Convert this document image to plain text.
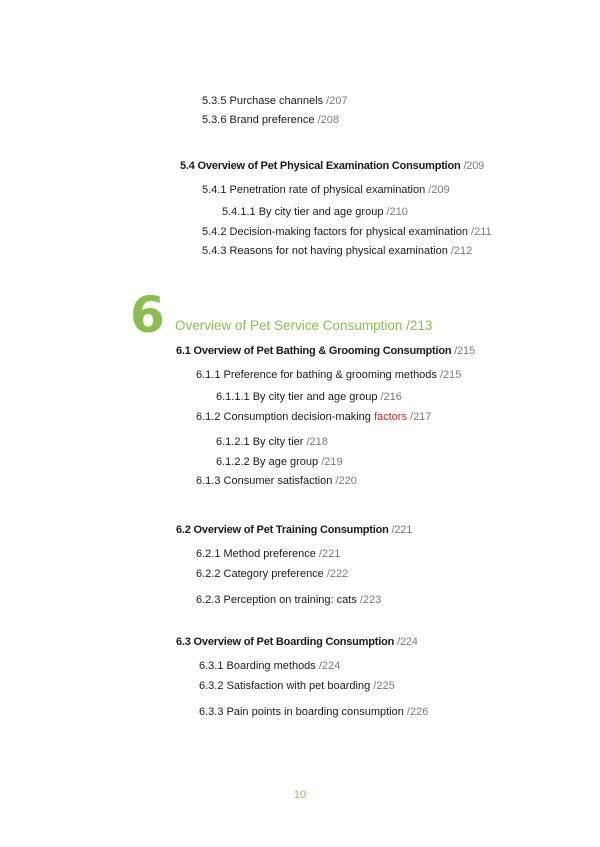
5.3.5 Purchase channels /207
5.3.6 Brand preference /208
5.4 Overview of Pet Physical Examination Consumption /209
5.4.1 Penetration rate of physical examination /209
5.4.1.1 By city tier and age group /210
5.4.2 Decision-making factors for physical examination /211
5.4.3 Reasons for not having physical examination /212
6 Overview of Pet Service Consumption /213
6.1 Overview of Pet Bathing & Grooming Consumption /215
6.1.1 Preference for bathing & grooming methods /215
6.1.1.1 By city tier and age group /216
6.1.2 Consumption decision-making factors /217
6.1.2.1 By city tier /218
6.1.2.2 By age group /219
6.1.3 Consumer satisfaction /220
6.2 Overview of Pet Training Consumption /221
6.2.1 Method preference /221
6.2.2 Category preference /222
6.2.3 Perception on training: cats /223
6.3 Overview of Pet Boarding Consumption /224
6.3.1 Boarding methods /224
6.3.2 Satisfaction with pet boarding /225
6.3.3 Pain points in boarding consumption /226
10
